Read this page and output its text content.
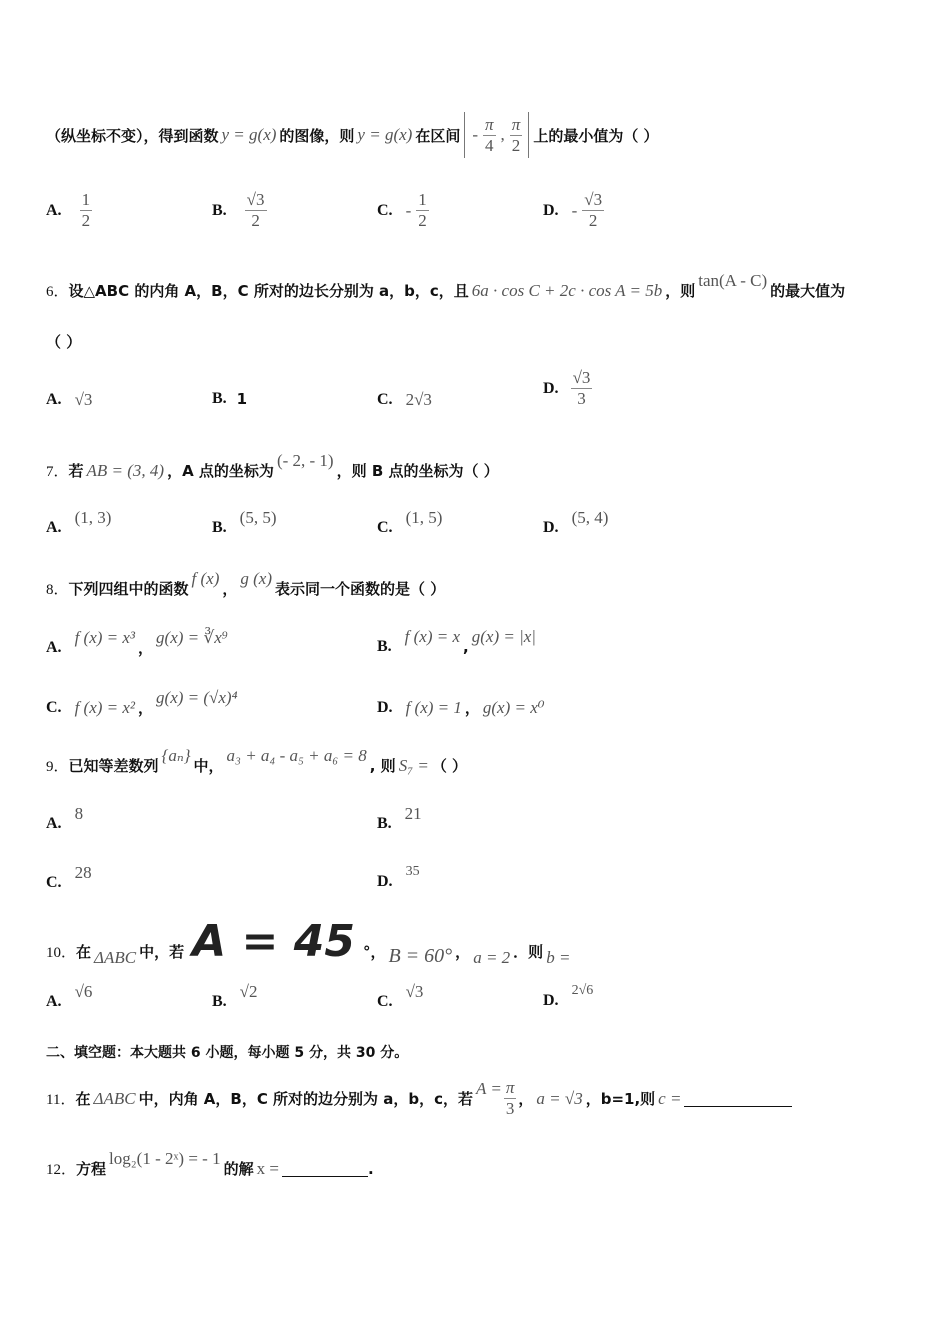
（纵坐标不变），得到函数 y = g(x) 的图像，则 y = g(x) 在区间 - $\frac{\pi}{4}$ , $\frac{\pi}{2}$ 上的最小值为（ ）
A. $\frac{1}{2}$	B. $\frac{√3}{2}$	C. - $\frac{1}{2}$	D. - $\frac{√3}{2}$
6． 设△ABC 的内角 A，B，C 所对的边长分别为 a，b，c，且 6a · cos C + 2c · cos A = 5b ，则
tan(A - C)
的最大值为
（ ）
A. √3	B. 1	C. 2√3
D. $\frac{√3}{3}$
7． 若 AB = (3, 4) ，A 点的坐标为
(- 2, - 1)
，则 B 点的坐标为（ ）
A.
(1, 3)
B.
(5, 5)
C.
(1, 5)
D.
(5, 4)
8． 下列四组中的函数
f (x)
，
g (x)
表示同一个函数的是（ ）
A.
f (x) = x³
，
g(x) = ∛x⁹	B.
f (x) = x
,
g(x) = |x|
C. f (x) = x² ，
g(x) = (√x)⁴
D. f (x) = 1 ， g(x) = x⁰
9． 已知等差数列
{aₙ}
中，
a₃ + a₄ - a₅ + a₆ = 8
, 则 S₇ = （ ）
A.
8
B.
21
C.
28	D.
35
10． 在 ΔABC 中，若 A = 45 °， B = 60° ， a = 2 ．则 b =
A.
√6
B.
√2
C.
√3	D.
2√6
二、填空题：本大题共 6 小题，每小题 5 分，共 30 分。
11． 在 ΔABC 中，内角 A，B，C 所对的边分别为 a，b，c，若
$A = \frac{\pi}{3}$ ， a = √3 ，b=1,则 c =
12． 方程
log₂(1 - 2ˣ) = - 1
的解 x =	.
